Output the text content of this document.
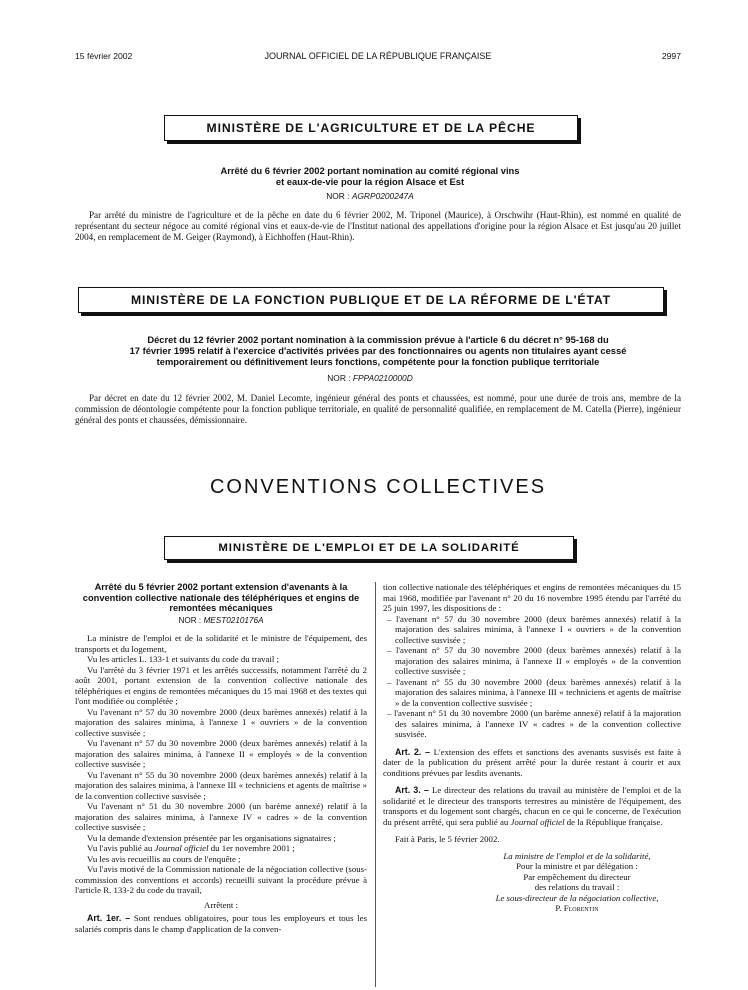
15 février 2002	JOURNAL OFFICIEL DE LA RÉPUBLIQUE FRANÇAISE	2997
MINISTÈRE DE L'AGRICULTURE ET DE LA PÊCHE
Arrêté du 6 février 2002 portant nomination au comité régional vins
et eaux-de-vie pour la région Alsace et Est
NOR : AGRP0200247A

Par arrêté du ministre de l'agriculture et de la pêche en date du 6 février 2002, M. Triponel (Maurice), à Orschwihr (Haut-Rhin), est nommé en qualité de représentant du secteur négoce au comité régional vins et eaux-de-vie de l'Institut national des appellations d'origine pour la région Alsace et Est jusqu'au 20 juillet 2004, en remplacement de M. Geiger (Raymond), à Eichhoffen (Haut-Rhin).

MINISTÈRE DE LA FONCTION PUBLIQUE ET DE LA RÉFORME DE L'ÉTAT
Décret du 12 février 2002 portant nomination à la commission prévue à l'article 6 du décret n° 95-168 du
17 février 1995 relatif à l'exercice d'activités privées par des fonctionnaires ou agents non titulaires ayant cessé
temporairement ou définitivement leurs fonctions, compétente pour la fonction publique territoriale
NOR : FPPA0210000D

Par décret en date du 12 février 2002, M. Daniel Lecomte, ingénieur général des ponts et chaussées, est nommé, pour une durée de trois ans, membre de la commission de déontologie compétente pour la fonction publique territoriale, en qualité de personnalité qualifiée, en remplacement de M. Catella (Pierre), ingénieur général des ponts et chaussées, démissionnaire.

CONVENTIONS COLLECTIVES
MINISTÈRE DE L'EMPLOI ET DE LA SOLIDARITÉ

Arrêté du 5 février 2002 portant extension d'avenants à la convention collective nationale des téléphériques et engins de remontées mécaniques

NOR : MEST0210176A

La ministre de l'emploi et de la solidarité et le ministre de l'équipement, des transports et du logement,

Vu les articles L. 133-1 et suivants du code du travail ;

Vu l'arrêté du 3 février 1971 et les arrêtés successifs, notamment l'arrêté du 2 août 2001, portant extension de la convention collective nationale des téléphériques et engins de remontées mécaniques du 15 mai 1968 et des textes qui l'ont modifiée ou complétée ;

Vu l'avenant n° 57 du 30 novembre 2000 (deux barèmes annexés) relatif à la majoration des salaires minima, à l'annexe I « ouvriers » de la convention collective susvisée ;

Vu l'avenant n° 57 du 30 novembre 2000 (deux barèmes annexés) relatif à la majoration des salaires minima, à l'annexe II « employés » de la convention collective susvisée ;

Vu l'avenant n° 55 du 30 novembre 2000 (deux barèmes annexés) relatif à la majoration des salaires minima, à l'annexe III « techniciens et agents de maîtrise » de la convention collective susvisée ;

Vu l'avenant n° 51 du 30 novembre 2000 (un barème annexé) relatif à la majoration des salaires minima, à l'annexe IV « cadres » de la convention collective susvisée ;

Vu la demande d'extension présentée par les organisations signataires ;

Vu l'avis publié au Journal officiel du 1er novembre 2001 ;

Vu les avis recueillis au cours de l'enquête ;

Vu l'avis motivé de la Commission nationale de la négociation collective (sous-commission des conventions et accords) recueilli suivant la procédure prévue à l'article R. 133-2 du code du travail,

Arrêtent :

Art. 1er. – Sont rendues obligatoires, pour tous les employeurs et tous les salariés compris dans le champ d'application de la conven-

tion collective nationale des téléphériques et engins de remontées mécaniques du 15 mai 1968, modifiée par l'avenant n° 20 du 16 novembre 1995 étendu par l'arrêté du 25 juin 1997, les dispositions de :

– l'avenant n° 57 du 30 novembre 2000 (deux barèmes annexés) relatif à la majoration des salaires minima, à l'annexe I « ouvriers » de la convention collective susvisée ;

– l'avenant n° 57 du 30 novembre 2000 (deux barèmes annexés) relatif à la majoration des salaires minima, à l'annexe II « employés » de la convention collective susvisée ;

– l'avenant n° 55 du 30 novembre 2000 (deux barèmes annexés) relatif à la majoration des salaires minima, à l'annexe III « techniciens et agents de maîtrise » de la convention collective susvisée ;

– l'avenant n° 51 du 30 novembre 2000 (un barème annexé) relatif à la majoration des salaires minima, à l'annexe IV « cadres » de la convention collective susvisée.

Art. 2. – L'extension des effets et sanctions des avenants susvisés est faite à dater de la publication du présent arrêté pour la durée restant à courir et aux conditions prévues par lesdits avenants.

Art. 3. – Le directeur des relations du travail au ministère de l'emploi et de la solidarité et le directeur des transports terrestres au ministère de l'équipement, des transports et du logement sont chargés, chacun en ce qui le concerne, de l'exécution du présent arrêté, qui sera publié au Journal officiel de la République française.

Fait à Paris, le 5 février 2002.

La ministre de l'emploi et de la solidarité,

Pour la ministre et par délégation :

Par empêchement du directeur

des relations du travail :

Le sous-directeur de la négociation collective,

P. Florentin
